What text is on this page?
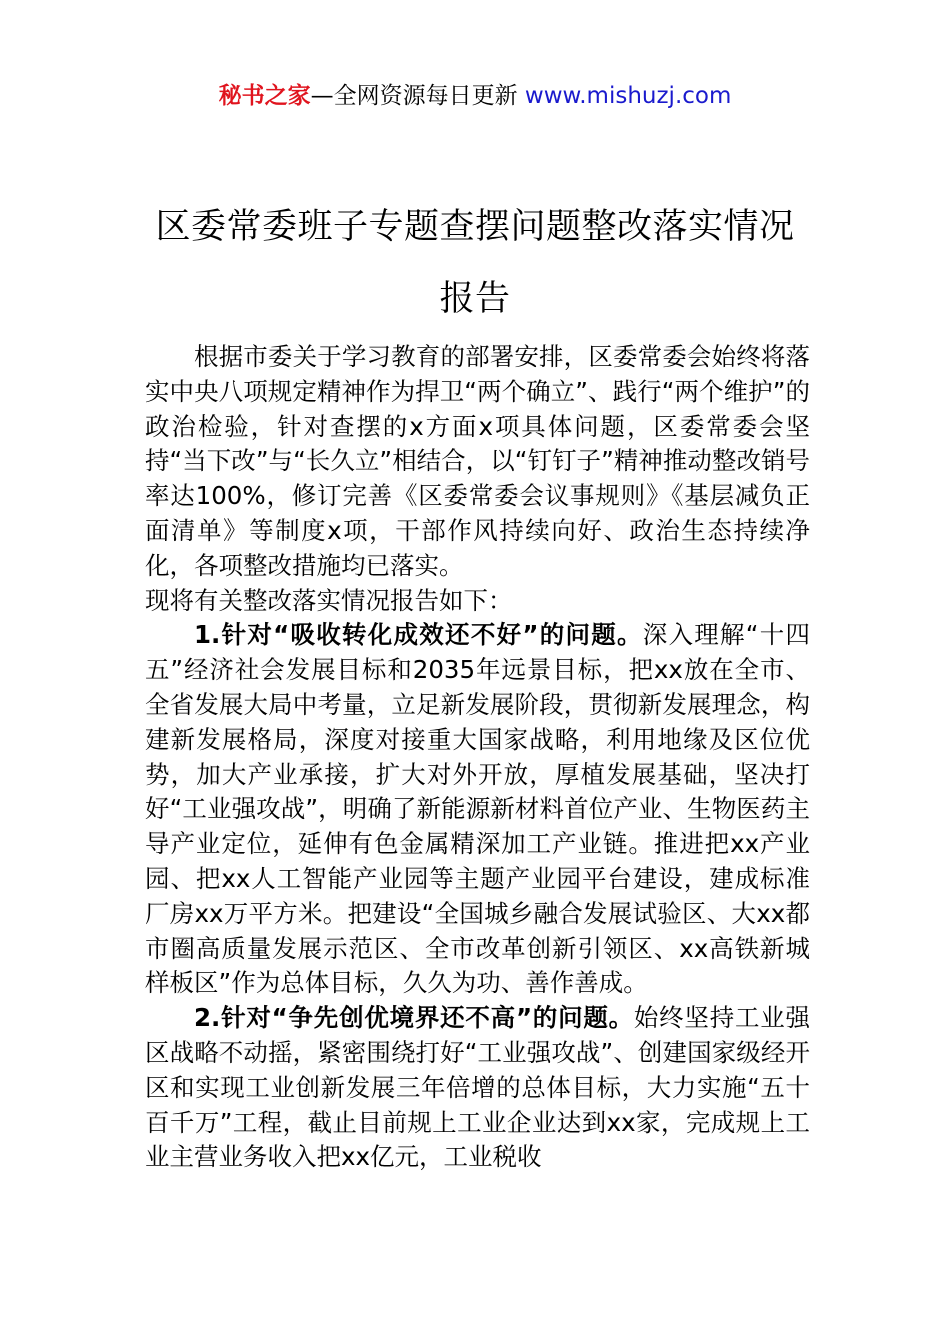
秘书之家—全网资源每日更新 www.mishuzj.com
区委常委班子专题查摆问题整改落实情况
报告

根据市委关于学习教育的部署安排，区委常委会始终将落实中央八项规定精神作为捍卫“两个确立”、践行“两个维护”的政治检验，针对查摆的x方面x项具体问题，区委常委会坚持“当下改”与“长久立”相结合，以“钉钉子”精神推动整改销号率达100%，修订完善《区委常委会议事规则》《基层减负正面清单》等制度x项，干部作风持续向好、政治生态持续净化，各项整改措施均已落实。

现将有关整改落实情况报告如下：

1.针对“吸收转化成效还不好”的问题。深入理解“十四五”经济社会发展目标和2035年远景目标，把xx放在全市、全省发展大局中考量，立足新发展阶段，贯彻新发展理念，构建新发展格局，深度对接重大国家战略，利用地缘及区位优势，加大产业承接，扩大对外开放，厚植发展基础，坚决打好“工业强攻战”，明确了新能源新材料首位产业、生物医药主导产业定位，延伸有色金属精深加工产业链。推进把xx产业园、把xx人工智能产业园等主题产业园平台建设，建成标准厂房xx万平方米。把建设“全国城乡融合发展试验区、大xx都市圈高质量发展示范区、全市改革创新引领区、xx高铁新城样板区”作为总体目标，久久为功、善作善成。

2.针对“争先创优境界还不高”的问题。始终坚持工业强区战略不动摇，紧密围绕打好“工业强攻战”、创建国家级经开区和实现工业创新发展三年倍增的总体目标，大力实施“五十百千万”工程，截止目前规上工业企业达到xx家，完成规上工业主营业务收入把xx亿元，工业税收
